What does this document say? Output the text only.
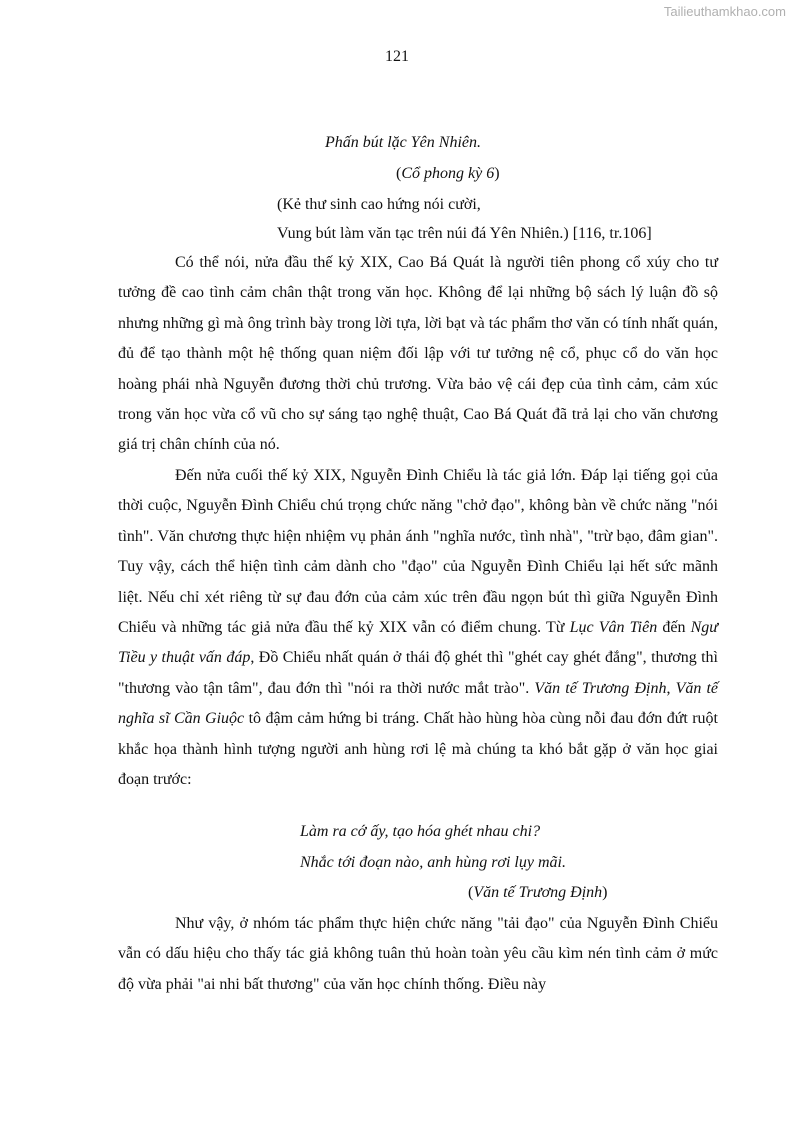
Tailieuthamkhao.com
121
Phấn bút lặc Yên Nhiên.
(Cổ phong kỳ 6)
(Kẻ thư sinh cao hứng nói cười,
Vung bút làm văn tạc trên núi đá Yên Nhiên.) [116, tr.106]

Có thể nói, nửa đầu thế kỷ XIX, Cao Bá Quát là người tiên phong cổ xúy cho tư tưởng đề cao tình cảm chân thật trong văn học. Không để lại những bộ sách lý luận đồ sộ nhưng những gì mà ông trình bày trong lời tựa, lời bạt và tác phẩm thơ văn có tính nhất quán, đủ để tạo thành một hệ thống quan niệm đối lập với tư tưởng nệ cổ, phục cổ do văn học hoàng phái nhà Nguyễn đương thời chủ trương. Vừa bảo vệ cái đẹp của tình cảm, cảm xúc trong văn học vừa cổ vũ cho sự sáng tạo nghệ thuật, Cao Bá Quát đã trả lại cho văn chương giá trị chân chính của nó.

Đến nửa cuối thế kỷ XIX, Nguyễn Đình Chiểu là tác giả lớn. Đáp lại tiếng gọi của thời cuộc, Nguyễn Đình Chiểu chú trọng chức năng "chở đạo", không bàn về chức năng "nói tình". Văn chương thực hiện nhiệm vụ phản ánh "nghĩa nước, tình nhà", "trừ bạo, đâm gian". Tuy vậy, cách thể hiện tình cảm dành cho "đạo" của Nguyễn Đình Chiểu lại hết sức mãnh liệt. Nếu chỉ xét riêng từ sự đau đớn của cảm xúc trên đầu ngọn bút thì giữa Nguyễn Đình Chiểu và những tác giả nửa đầu thế kỷ XIX vẫn có điểm chung. Từ Lục Vân Tiên đến Ngư Tiều y thuật vấn đáp, Đồ Chiểu nhất quán ở thái độ ghét thì "ghét cay ghét đắng", thương thì "thương vào tận tâm", đau đớn thì "nói ra thời nước mắt trào". Văn tế Trương Định, Văn tế nghĩa sĩ Cần Giuộc tô đậm cảm hứng bi tráng. Chất hào hùng hòa cùng nỗi đau đớn đứt ruột khắc họa thành hình tượng người anh hùng rơi lệ mà chúng ta khó bắt gặp ở văn học giai đoạn trước:

Làm ra cớ ấy, tạo hóa ghét nhau chi?
Nhắc tới đoạn nào, anh hùng rơi lụy mãi.
(Văn tế Trương Định)

Như vậy, ở nhóm tác phẩm thực hiện chức năng "tải đạo" của Nguyễn Đình Chiểu vẫn có dấu hiệu cho thấy tác giả không tuân thủ hoàn toàn yêu cầu kìm nén tình cảm ở mức độ vừa phải "ai nhi bất thương" của văn học chính thống. Điều này
